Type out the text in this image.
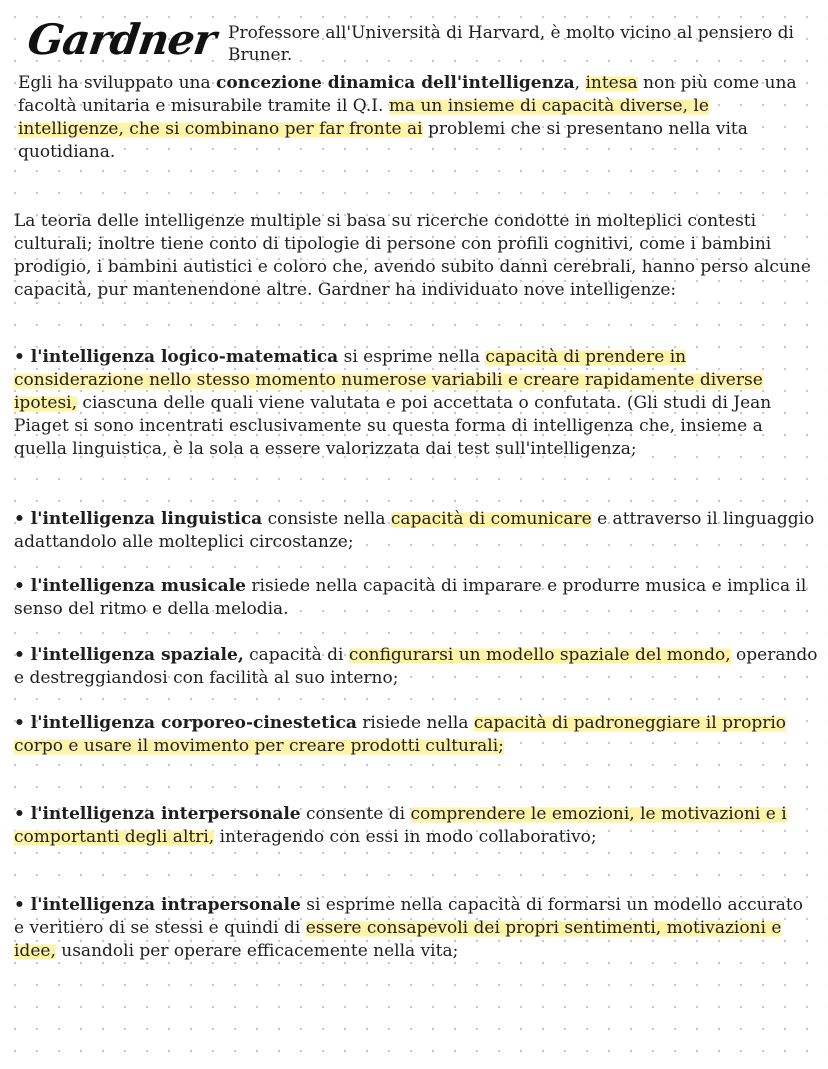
Gardner Professore all'Università di Harvard, è molto vicino al pensiero di Bruner.

Egli ha sviluppato una concezione dinamica dell'intelligenza, intesa non più come una facoltà unitaria e misurabile tramite il Q.I. ma un insieme di capacità diverse, le intelligenze, che si combinano per far fronte ai problemi che si presentano nella vita quotidiana.

La teoria delle intelligenze multiple si basa su ricerche condotte in molteplici contesti culturali; inoltre tiene conto di tipologie di persone con profili cognitivi, come i bambini prodigio, i bambini autistici e coloro che, avendo subito danni cerebrali, hanno perso alcune capacità, pur mantenendone altre. Gardner ha individuato nove intelligenze:

• l'intelligenza logico-matematica si esprime nella capacità di prendere in considerazione nello stesso momento numerose variabili e creare rapidamente diverse ipotesi, ciascuna delle quali viene valutata e poi accettata o confutata. (Gli studi di Jean Piaget si sono incentrati esclusivamente su questa forma di intelligenza che, insieme a quella linguistica, è la sola a essere valorizzata dai test sull'intelligenza;

• l'intelligenza linguistica consiste nella capacità di comunicare e attraverso il linguaggio adattandolo alle molteplici circostanze;

• l'intelligenza musicale risiede nella capacità di imparare e produrre musica e implica il senso del ritmo e della melodia.

• l'intelligenza spaziale, capacità di configurarsi un modello spaziale del mondo, operando e destreggiandosi con facilità al suo interno;

• l'intelligenza corporeo-cinestetica risiede nella capacità di padroneggiare il proprio corpo e usare il movimento per creare prodotti culturali;

• l'intelligenza interpersonale consente di comprendere le emozioni, le motivazioni e i comportanti degli altri, interagendo con essi in modo collaborativo;

• l'intelligenza intrapersonale si esprime nella capacità di formarsi un modello accurato e veritiero di se stessi e quindi di essere consapevoli dei propri sentimenti, motivazioni e idee, usandoli per operare efficacemente nella vita;
